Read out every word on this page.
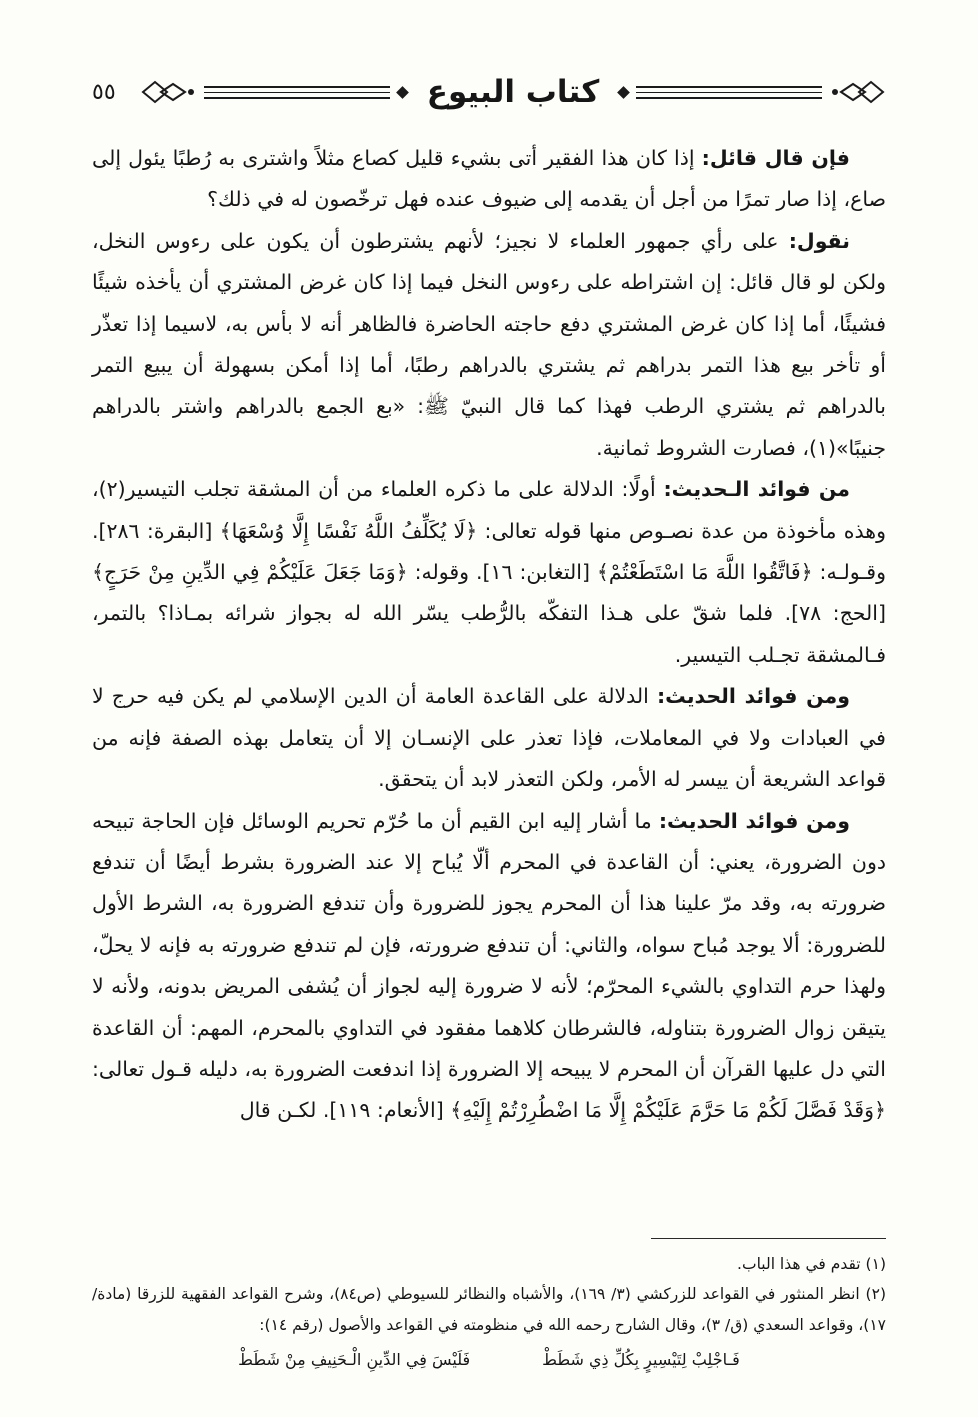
٥٥	كتاب البيوع

فإن قال قائل: إذا كان هذا الفقير أتى بشيء قليل كصاع مثلاً واشترى به رُطبًا يئول إلى صاع، إذا صار تمرًا من أجل أن يقدمه إلى ضيوف عنده فهل ترخّصون له في ذلك؟

نقول: على رأي جمهور العلماء لا نجيز؛ لأنهم يشترطون أن يكون على رءوس النخل، ولكن لو قال قائل: إن اشتراطه على رءوس النخل فيما إذا كان غرض المشتري أن يأخذه شيئًا فشيئًا، أما إذا كان غرض المشتري دفع حاجته الحاضرة فالظاهر أنه لا بأس به، لاسيما إذا تعذّر أو تأخر بيع هذا التمر بدراهم ثم يشتري بالدراهم رطبًا، أما إذا أمكن بسهولة أن يبيع التمر بالدراهم ثم يشتري الرطب فهذا كما قال النبيّ ﷺ: «بع الجمع بالدراهم واشتر بالدراهم جنيبًا»(١)، فصارت الشروط ثمانية.

من فوائد الـحديث: أولًا: الدلالة على ما ذكره العلماء من أن المشقة تجلب التيسير(٢)، وهذه مأخوذة من عدة نصـوص منها قوله تعالى: ﴿لَا يُكَلِّفُ اللَّهُ نَفْسًا إِلَّا وُسْعَهَا﴾ [البقرة: ٢٨٦]. وقـولـه: ﴿فَاتَّقُوا اللَّهَ مَا اسْتَطَعْتُمْ﴾ [التغابن: ١٦]. وقوله: ﴿وَمَا جَعَلَ عَلَيْكُمْ فِي الدِّينِ مِنْ حَرَجٍ﴾ [الحج: ٧٨]. فلما شقّ على هـذا التفكّه بالرُّطب يسّر الله له بجواز شرائه بمـاذا؟ بالتمر، فـالمشقة تجـلب التيسير.

ومن فوائد الحديث: الدلالة على القاعدة العامة أن الدين الإسلامي لم يكن فيه حرج لا في العبادات ولا في المعاملات، فإذا تعذر على الإنسـان إلا أن يتعامل بهذه الصفة فإنه من قواعد الشريعة أن ييسر له الأمر، ولكن التعذر لابد أن يتحقق.

ومن فوائد الحديث: ما أشار إليه ابن القيم أن ما حُرّم تحريم الوسائل فإن الحاجة تبيحه دون الضرورة، يعني: أن القاعدة في المحرم ألّا يُباح إلا عند الضرورة بشرط أيضًا أن تندفع ضرورته به، وقد مرّ علينا هذا أن المحرم يجوز للضرورة وأن تندفع الضرورة به، الشرط الأول للضرورة: ألا يوجد مُباح سواه، والثاني: أن تندفع ضرورته، فإن لم تندفع ضرورته به فإنه لا يحلّ، ولهذا حرم التداوي بالشيء المحرّم؛ لأنه لا ضرورة إليه لجواز أن يُشفى المريض بدونه، ولأنه لا يتيقن زوال الضرورة بتناوله، فالشرطان كلاهما مفقود في التداوي بالمحرم، المهم: أن القاعدة التي دل عليها القرآن أن المحرم لا يبيحه إلا الضرورة إذا اندفعت الضرورة به، دليله قـول تعالى: ﴿وَقَدْ فَصَّلَ لَكُمْ مَا حَرَّمَ عَلَيْكُمْ إِلَّا مَا اضْطُرِرْتُمْ إِلَيْهِ﴾ [الأنعام: ١١٩]. لكـن قال

(١) تقدم في هذا الباب.

(٢) انظر المنثور في القواعد للزركشي (٣/ ١٦٩)، والأشباه والنظائر للسيوطي (ص٨٤)، وشرح القواعد الفقهية للزرقا (مادة/ ١٧)، وقواعد السعدي (ق/ ٣)، وقال الشارح رحمه الله في منظومته في القواعد والأصول (رقم ١٤):

فَـاجْلِبْ لِتَيْسِيرٍ بِكُلِّ ذِي شَطَطْ
فَلَيْسَ فِي الدِّينِ الْـحَنِيفِ مِنْ شَطَطْ
